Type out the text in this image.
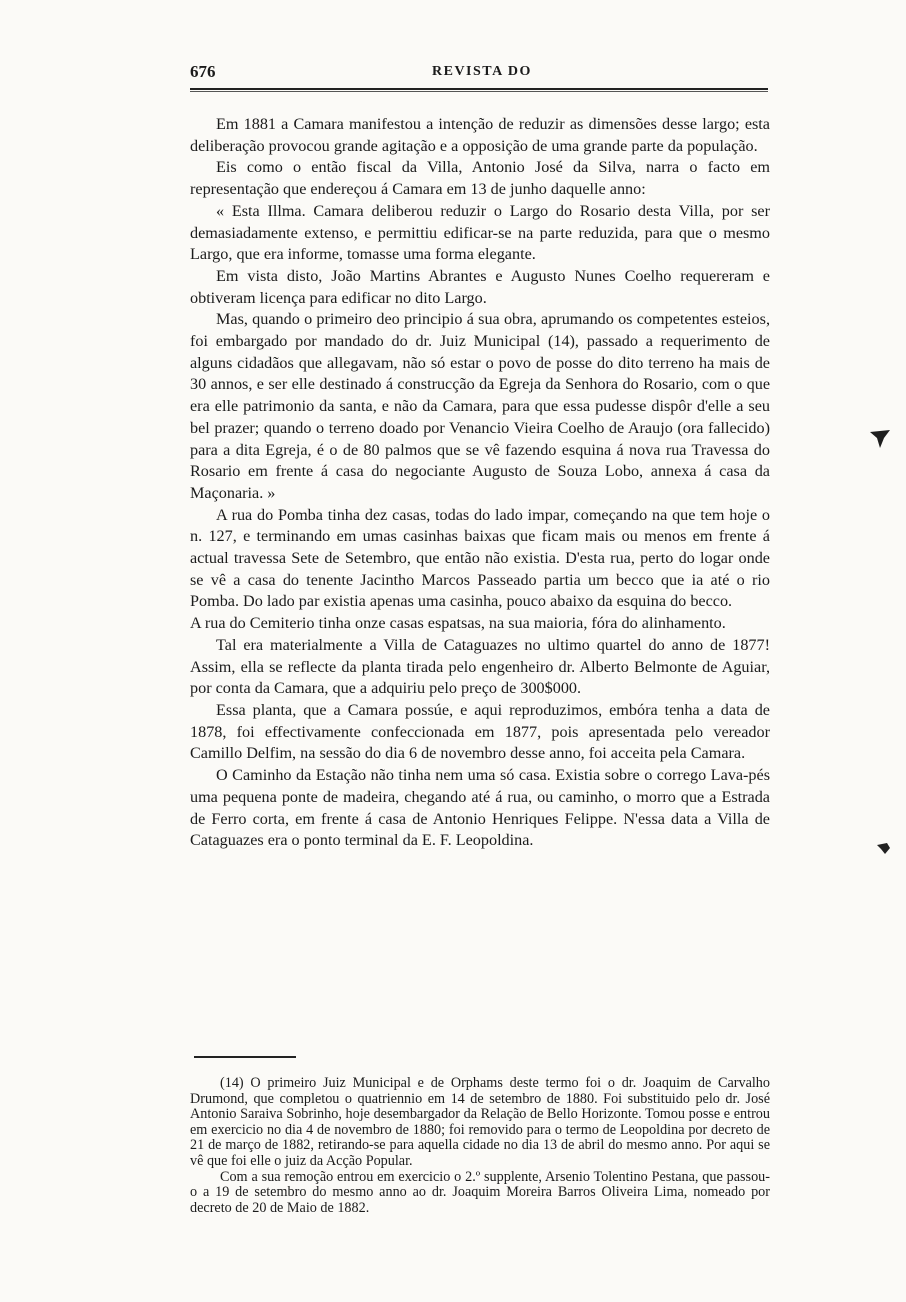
676	REVISTA DO

Em 1881 a Camara manifestou a intenção de reduzir as dimensões desse largo; esta deliberação provocou grande agitação e a opposição de uma grande parte da população.

Eis como o então fiscal da Villa, Antonio José da Silva, narra o facto em representação que endereçou á Camara em 13 de junho daquelle anno:

« Esta Illma. Camara deliberou reduzir o Largo do Rosario desta Villa, por ser demasiadamente extenso, e permittiu edificar-se na parte reduzida, para que o mesmo Largo, que era informe, tomasse uma forma elegante.

Em vista disto, João Martins Abrantes e Augusto Nunes Coelho requereram e obtiveram licença para edificar no dito Largo.

Mas, quando o primeiro deo principio á sua obra, aprumando os competentes esteios, foi embargado por mandado do dr. Juiz Municipal (14), passado a requerimento de alguns cidadãos que allegavam, não só estar o povo de posse do dito terreno ha mais de 30 annos, e ser elle destinado á construcção da Egreja da Senhora do Rosario, com o que era elle patrimonio da santa, e não da Camara, para que essa pudesse dispôr d'elle a seu bel prazer; quando o terreno doado por Venancio Vieira Coelho de Araujo (ora fallecido) para a dita Egreja, é o de 80 palmos que se vê fazendo esquina á nova rua Travessa do Rosario em frente á casa do negociante Augusto de Souza Lobo, annexa á casa da Maçonaria. »

A rua do Pomba tinha dez casas, todas do lado impar, começando na que tem hoje o n. 127, e terminando em umas casinhas baixas que ficam mais ou menos em frente á actual travessa Sete de Setembro, que então não existia. D'esta rua, perto do logar onde se vê a casa do tenente Jacintho Marcos Passeado partia um becco que ia até o rio Pomba. Do lado par existia apenas uma casinha, pouco abaixo da esquina do becco.

A rua do Cemiterio tinha onze casas espatsas, na sua maioria, fóra do alinhamento.

Tal era materialmente a Villa de Cataguazes no ultimo quartel do anno de 1877! Assim, ella se reflecte da planta tirada pelo engenheiro dr. Alberto Belmonte de Aguiar, por conta da Camara, que a adquiriu pelo preço de 300$000.

Essa planta, que a Camara possúe, e aqui reproduzimos, embóra tenha a data de 1878, foi effectivamente confeccionada em 1877, pois apresentada pelo vereador Camillo Delfim, na sessão do dia 6 de novembro desse anno, foi acceita pela Camara.

O Caminho da Estação não tinha nem uma só casa. Existia sobre o corrego Lava-pés uma pequena ponte de madeira, chegando até á rua, ou caminho, o morro que a Estrada de Ferro corta, em frente á casa de Antonio Henriques Felippe. N'essa data a Villa de Cataguazes era o ponto terminal da E. F. Leopoldina.

(14) O primeiro Juiz Municipal e de Orphams deste termo foi o dr. Joaquim de Carvalho Drumond, que completou o quatriennio em 14 de setembro de 1880. Foi substituido pelo dr. José Antonio Saraiva Sobrinho, hoje desembargador da Relação de Bello Horizonte. Tomou posse e entrou em exercicio no dia 4 de novembro de 1880; foi removido para o termo de Leopoldina por decreto de 21 de março de 1882, retirando-se para aquella cidade no dia 13 de abril do mesmo anno. Por aqui se vê que foi elle o juiz da Acção Popular.

Com a sua remoção entrou em exercicio o 2.º supplente, Arsenio Tolentino Pestana, que passou-o a 19 de setembro do mesmo anno ao dr. Joaquim Moreira Barros Oliveira Lima, nomeado por decreto de 20 de Maio de 1882.
